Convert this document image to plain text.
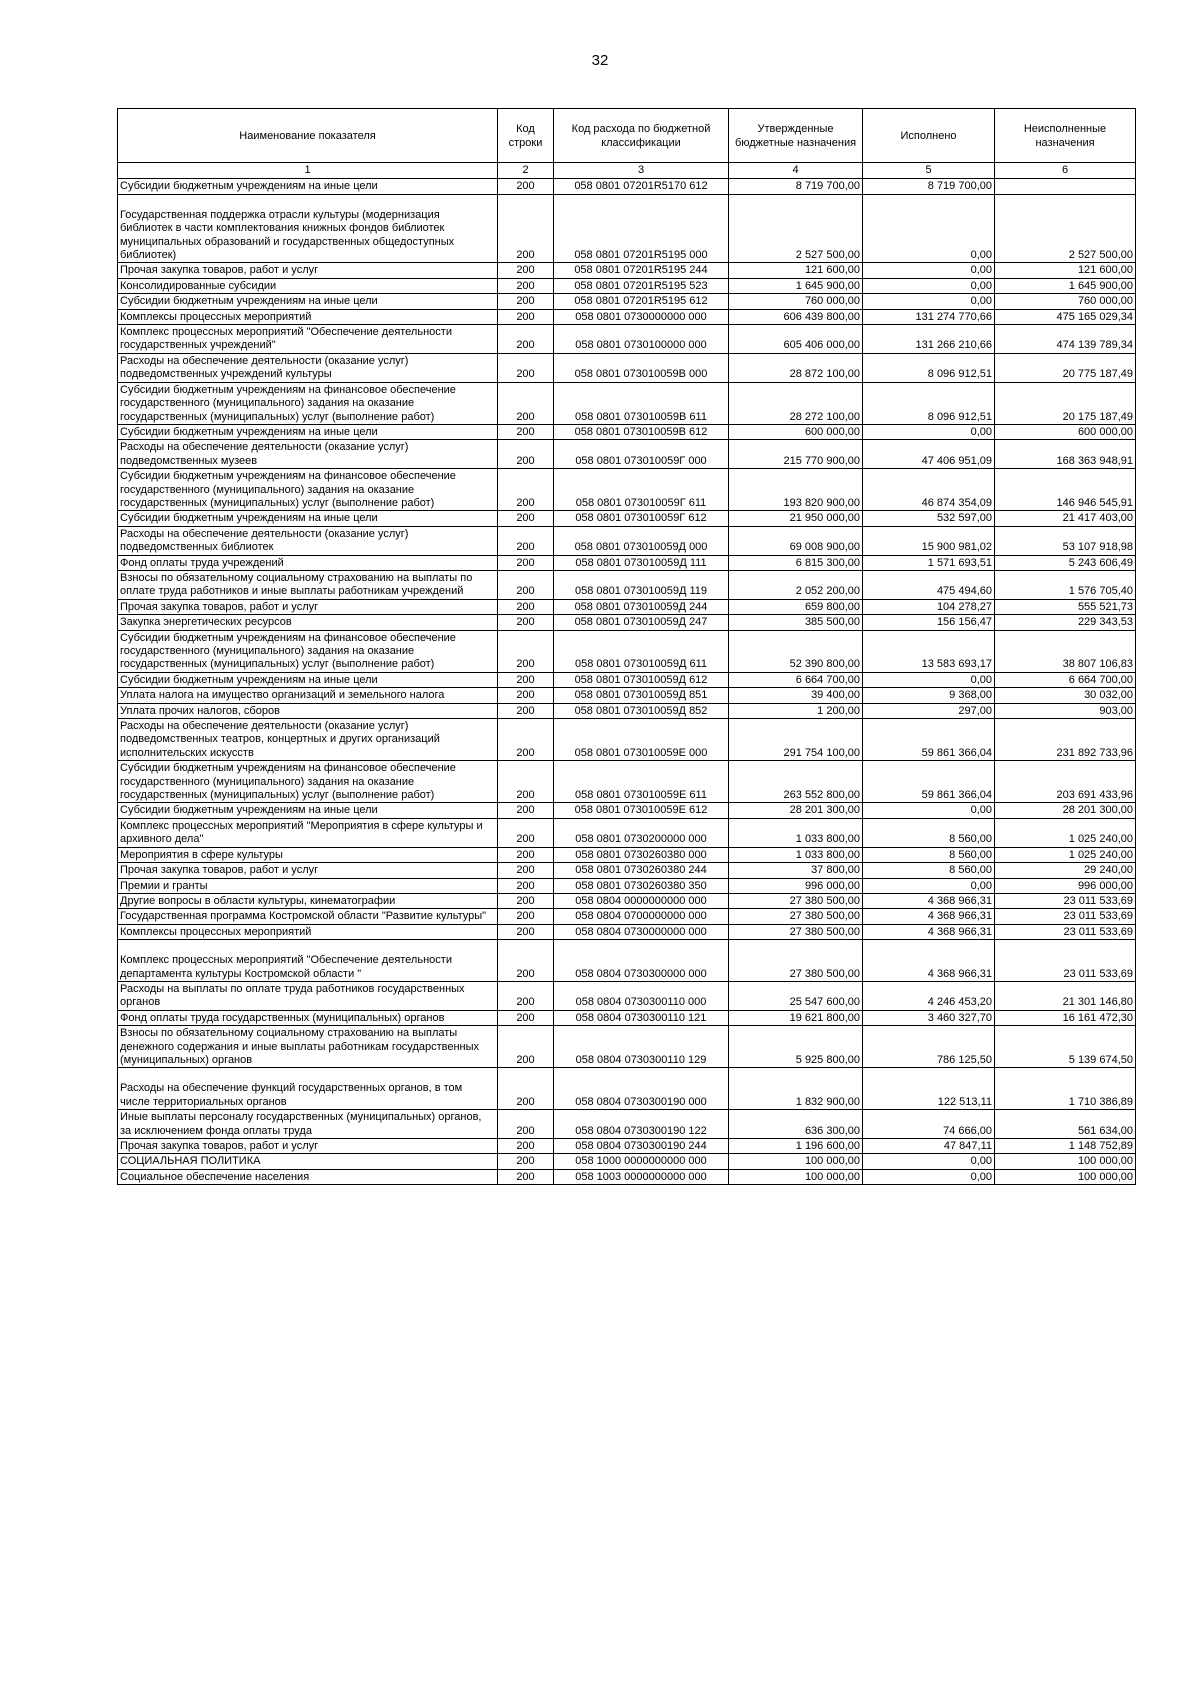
32
Наименование показателя	Код строки	Код расхода по бюджетной классификации	Утвержденные бюджетные назначения	Исполнено	Неисполненные назначения
1	2	3	4	5	6
Субсидии бюджетным учреждениям на иные цели	200	058 0801 07201R5170 612	8 719 700,00	8 719 700,00	
Государственная поддержка отрасли культуры (модернизация библиотек в части комплектования книжных фондов библиотек муниципальных образований и государственных общедоступных библиотек)	200	058 0801 07201R5195 000	2 527 500,00	0,00	2 527 500,00
Прочая закупка товаров, работ и услуг	200	058 0801 07201R5195 244	121 600,00	0,00	121 600,00
Консолидированные субсидии	200	058 0801 07201R5195 523	1 645 900,00	0,00	1 645 900,00
Субсидии бюджетным учреждениям на иные цели	200	058 0801 07201R5195 612	760 000,00	0,00	760 000,00
Комплексы процессных мероприятий	200	058 0801 0730000000 000	606 439 800,00	131 274 770,66	475 165 029,34
Комплекс процессных мероприятий "Обеспечение деятельности государственных учреждений"	200	058 0801 0730100000 000	605 406 000,00	131 266 210,66	474 139 789,34
Расходы на обеспечение деятельности (оказание услуг) подведомственных учреждений культуры	200	058 0801 073010059В 000	28 872 100,00	8 096 912,51	20 775 187,49
Субсидии бюджетным учреждениям на финансовое обеспечение государственного (муниципального) задания на оказание государственных (муниципальных) услуг (выполнение работ)	200	058 0801 073010059В 611	28 272 100,00	8 096 912,51	20 175 187,49
Субсидии бюджетным учреждениям на иные цели	200	058 0801 073010059В 612	600 000,00	0,00	600 000,00
Расходы на обеспечение деятельности (оказание услуг) подведомственных музеев	200	058 0801 073010059Г 000	215 770 900,00	47 406 951,09	168 363 948,91
Субсидии бюджетным учреждениям на финансовое обеспечение государственного (муниципального) задания на оказание государственных (муниципальных) услуг (выполнение работ)	200	058 0801 073010059Г 611	193 820 900,00	46 874 354,09	146 946 545,91
Субсидии бюджетным учреждениям на иные цели	200	058 0801 073010059Г 612	21 950 000,00	532 597,00	21 417 403,00
Расходы на обеспечение деятельности (оказание услуг) подведомственных библиотек	200	058 0801 073010059Д 000	69 008 900,00	15 900 981,02	53 107 918,98
Фонд оплаты труда учреждений	200	058 0801 073010059Д 111	6 815 300,00	1 571 693,51	5 243 606,49
Взносы по обязательному социальному страхованию на выплаты по оплате труда работников и иные выплаты работникам учреждений	200	058 0801 073010059Д 119	2 052 200,00	475 494,60	1 576 705,40
Прочая закупка товаров, работ и услуг	200	058 0801 073010059Д 244	659 800,00	104 278,27	555 521,73
Закупка энергетических ресурсов	200	058 0801 073010059Д 247	385 500,00	156 156,47	229 343,53
Субсидии бюджетным учреждениям на финансовое обеспечение государственного (муниципального) задания на оказание государственных (муниципальных) услуг (выполнение работ)	200	058 0801 073010059Д 611	52 390 800,00	13 583 693,17	38 807 106,83
Субсидии бюджетным учреждениям на иные цели	200	058 0801 073010059Д 612	6 664 700,00	0,00	6 664 700,00
Уплата налога на имущество организаций и земельного налога	200	058 0801 073010059Д 851	39 400,00	9 368,00	30 032,00
Уплата прочих налогов, сборов	200	058 0801 073010059Д 852	1 200,00	297,00	903,00
Расходы на обеспечение деятельности (оказание услуг) подведомственных театров, концертных и других организаций исполнительских искусств	200	058 0801 073010059Е 000	291 754 100,00	59 861 366,04	231 892 733,96
Субсидии бюджетным учреждениям на финансовое обеспечение государственного (муниципального) задания на оказание государственных (муниципальных) услуг (выполнение работ)	200	058 0801 073010059Е 611	263 552 800,00	59 861 366,04	203 691 433,96
Субсидии бюджетным учреждениям на иные цели	200	058 0801 073010059Е 612	28 201 300,00	0,00	28 201 300,00
Комплекс процессных мероприятий "Мероприятия в сфере культуры и архивного дела"	200	058 0801 0730200000 000	1 033 800,00	8 560,00	1 025 240,00
Мероприятия в сфере культуры	200	058 0801 0730260380 000	1 033 800,00	8 560,00	1 025 240,00
Прочая закупка товаров, работ и услуг	200	058 0801 0730260380 244	37 800,00	8 560,00	29 240,00
Премии и гранты	200	058 0801 0730260380 350	996 000,00	0,00	996 000,00
Другие вопросы в области культуры, кинематографии	200	058 0804 0000000000 000	27 380 500,00	4 368 966,31	23 011 533,69
Государственная программа Костромской области "Развитие культуры"	200	058 0804 0700000000 000	27 380 500,00	4 368 966,31	23 011 533,69
Комплексы процессных мероприятий	200	058 0804 0730000000 000	27 380 500,00	4 368 966,31	23 011 533,69
Комплекс процессных мероприятий "Обеспечение деятельности департамента культуры Костромской области "	200	058 0804 0730300000 000	27 380 500,00	4 368 966,31	23 011 533,69
Расходы на выплаты по оплате труда работников государственных органов	200	058 0804 0730300110 000	25 547 600,00	4 246 453,20	21 301 146,80
Фонд оплаты труда государственных (муниципальных) органов	200	058 0804 0730300110 121	19 621 800,00	3 460 327,70	16 161 472,30
Взносы по обязательному социальному страхованию на выплаты денежного содержания и иные выплаты работникам государственных (муниципальных) органов	200	058 0804 0730300110 129	5 925 800,00	786 125,50	5 139 674,50
Расходы на обеспечение функций государственных органов, в том числе территориальных органов	200	058 0804 0730300190 000	1 832 900,00	122 513,11	1 710 386,89
Иные выплаты персоналу государственных (муниципальных) органов, за исключением фонда оплаты труда	200	058 0804 0730300190 122	636 300,00	74 666,00	561 634,00
Прочая закупка товаров, работ и услуг	200	058 0804 0730300190 244	1 196 600,00	47 847,11	1 148 752,89
СОЦИАЛЬНАЯ ПОЛИТИКА	200	058 1000 0000000000 000	100 000,00	0,00	100 000,00
Социальное обеспечение населения	200	058 1003 0000000000 000	100 000,00	0,00	100 000,00
